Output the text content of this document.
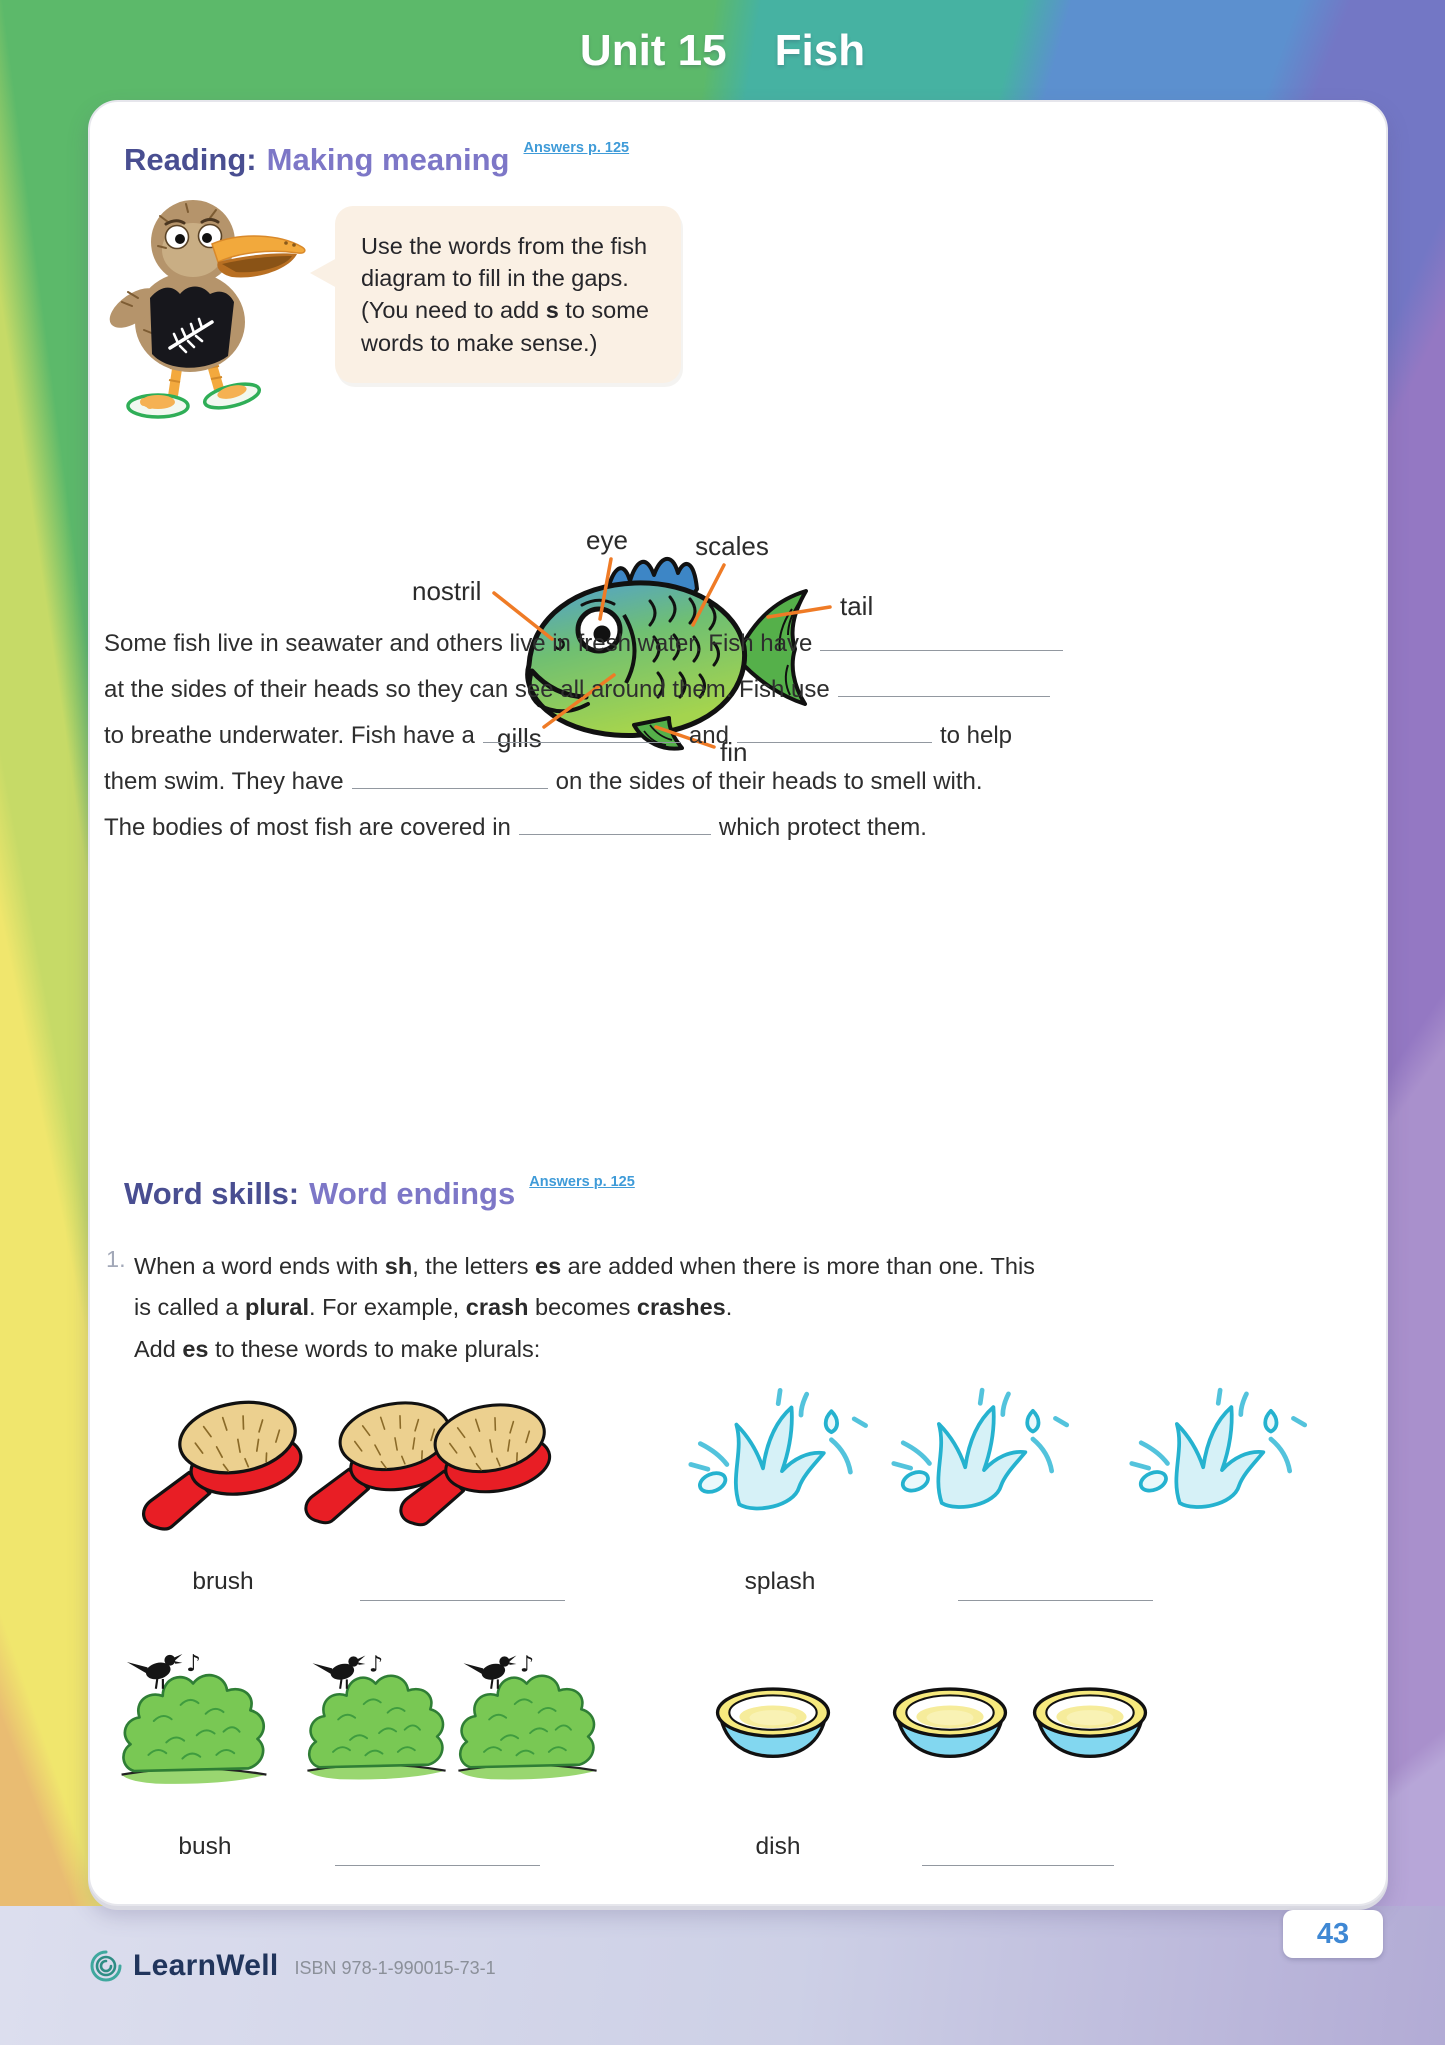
Unit 15 Fish
Reading: Making meaning $^{Answers p. 125}$
Use the words from the fish
diagram to fill in the gaps.
(You need to add s to some
words to make sense.)
eye	scales
nostril	tail
gills	fin
Some fish live in seawater and others live in fresh water. Fish have
at the sides of their heads so they can see all around them. Fish use
to breathe underwater. Fish have a	and	to help
them swim. They have	on the sides of their heads to smell with.
The bodies of most fish are covered in	which protect them.
Word skills: Word endings $^{Answers p. 125}$
1. When a word ends with sh, the letters es are added when there is more than one. This
is called a plural. For example, crash becomes crashes.
Add es to these words to make plurals:
brush	splash
bush	dish
LearnWell ISBN 978-1-990015-73-1
43
